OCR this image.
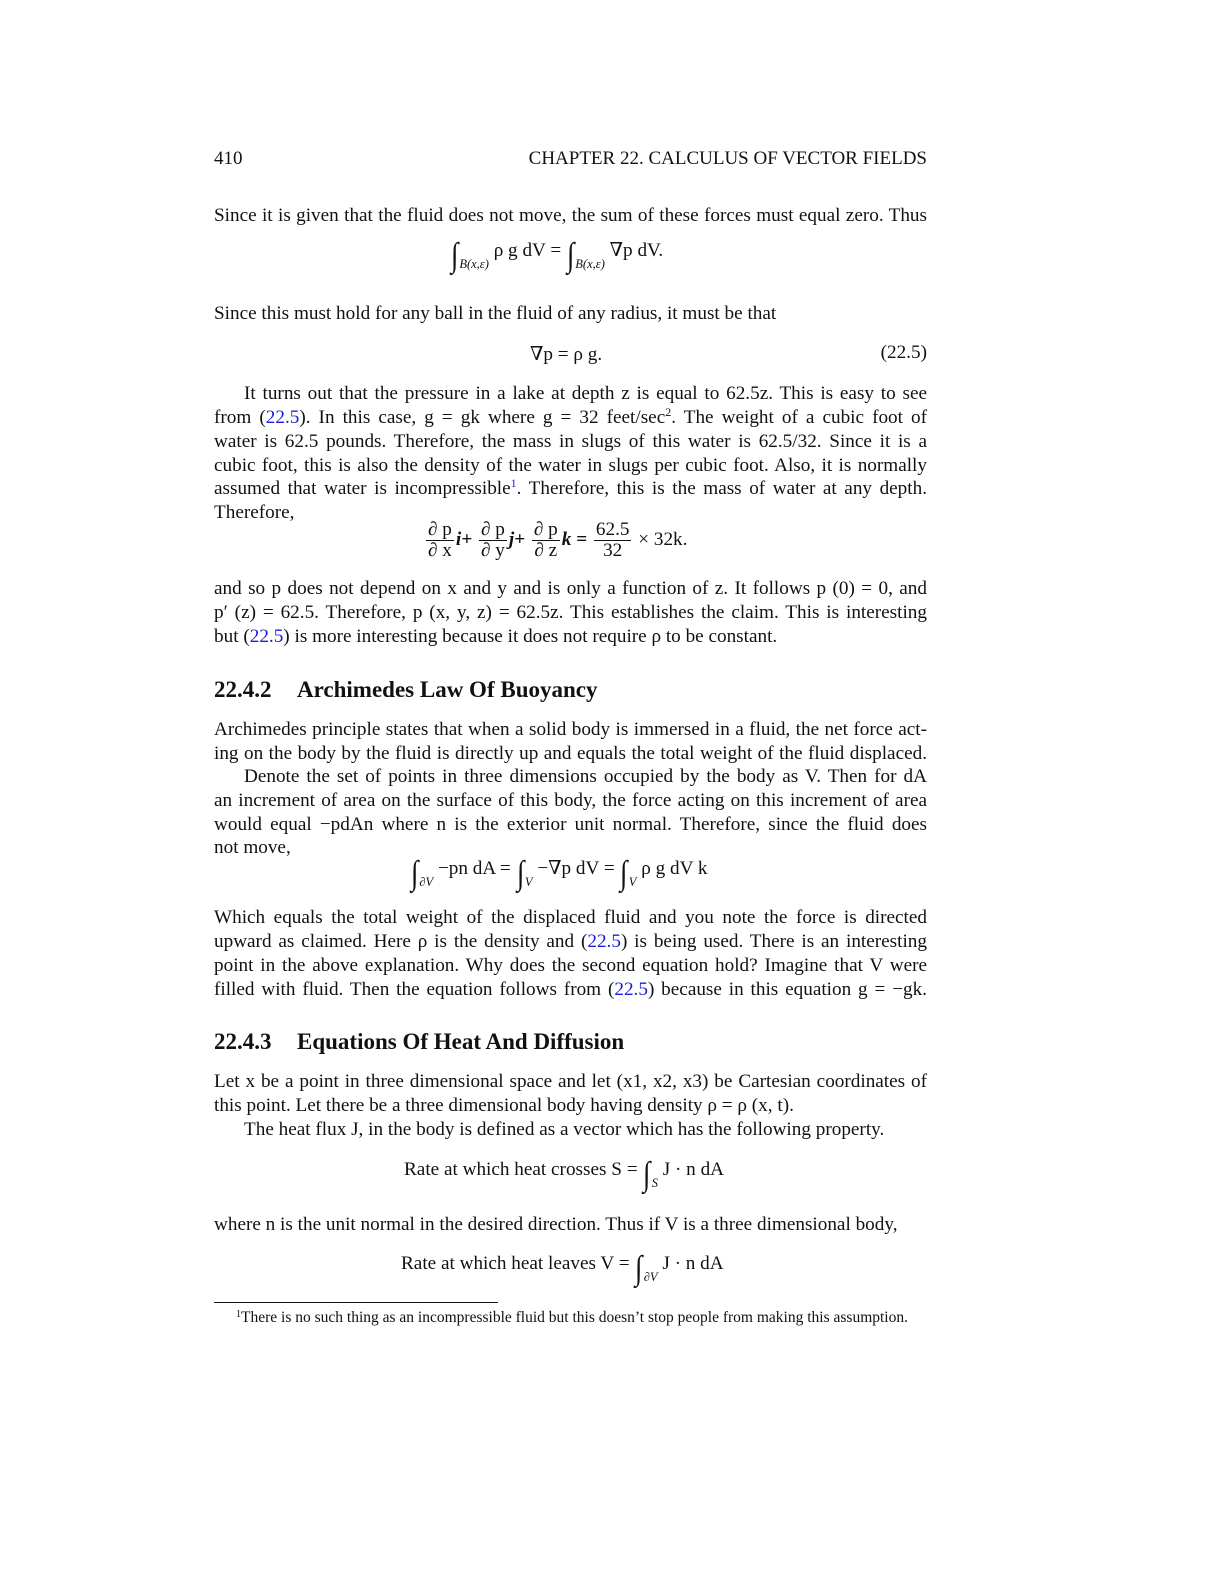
410	CHAPTER 22. CALCULUS OF VECTOR FIELDS
Since it is given that the fluid does not move, the sum of these forces must equal zero. Thus
$\int_{B(x,\varepsilon)}$ ρ g dV = $\int_{B(x,\varepsilon)}$ ∇p dV.
Since this must hold for any ball in the fluid of any radius, it must be that
∇p = ρ g.	(22.5)
It turns out that the pressure in a lake at depth z is equal to 62.5z. This is easy to see
from (22.5). In this case, g = gk where g = 32 feet/$\sec^2$. The weight of a cubic foot of
water is 62.5 pounds. Therefore, the mass in slugs of this water is 62.5/32. Since it is a
cubic foot, this is also the density of the water in slugs per cubic foot. Also, it is normally
assumed that water is incompressible$^1$. Therefore, this is the mass of water at any depth.
Therefore,
$\frac{\partial p}{\partial x} i+ \frac{\partial p}{\partial y} j+ \frac{\partial p}{\partial z}$ $k = \frac{62.5}{32} \times 32k$.
and so p does not depend on x and y and is only a function of z. It follows p (0) = 0, and
p′ (z) = 62.5. Therefore, p (x, y, z) = 62.5z. This establishes the claim. This is interesting
but (22.5) is more interesting because it does not require ρ to be constant.
22.4.2 Archimedes Law Of Buoyancy
Archimedes principle states that when a solid body is immersed in a fluid, the net force act-
ing on the body by the fluid is directly up and equals the total weight of the fluid displaced.
Denote the set of points in three dimensions occupied by the body as V. Then for dA
an increment of area on the surface of this body, the force acting on this increment of area
would equal −pdAn where n is the exterior unit normal. Therefore, since the fluid does
not move,
$\int_{\partial V} -pn$ dA = $\int_V -\nabla p$ dV = $\int_V$ ρ g dV k
Which equals the total weight of the displaced fluid and you note the force is directed
upward as claimed. Here ρ is the density and (22.5) is being used. There is an interesting
point in the above explanation. Why does the second equation hold? Imagine that V were
filled with fluid. Then the equation follows from (22.5) because in this equation g = −gk.
22.4.3 Equations Of Heat And Diffusion
Let x be a point in three dimensional space and let (x1, x2, x3) be Cartesian coordinates of
this point. Let there be a three dimensional body having density ρ = ρ (x, t).
The heat flux J, in the body is defined as a vector which has the following property.
Rate at which heat crosses $S = \int_S$ J · n dA
where n is the unit normal in the desired direction. Thus if V is a three dimensional body,
Rate at which heat leaves $V = \int_{\partial V}$ J · n dA
$^1$There is no such thing as an incompressible fluid but this doesn’t stop people from making this assumption.
